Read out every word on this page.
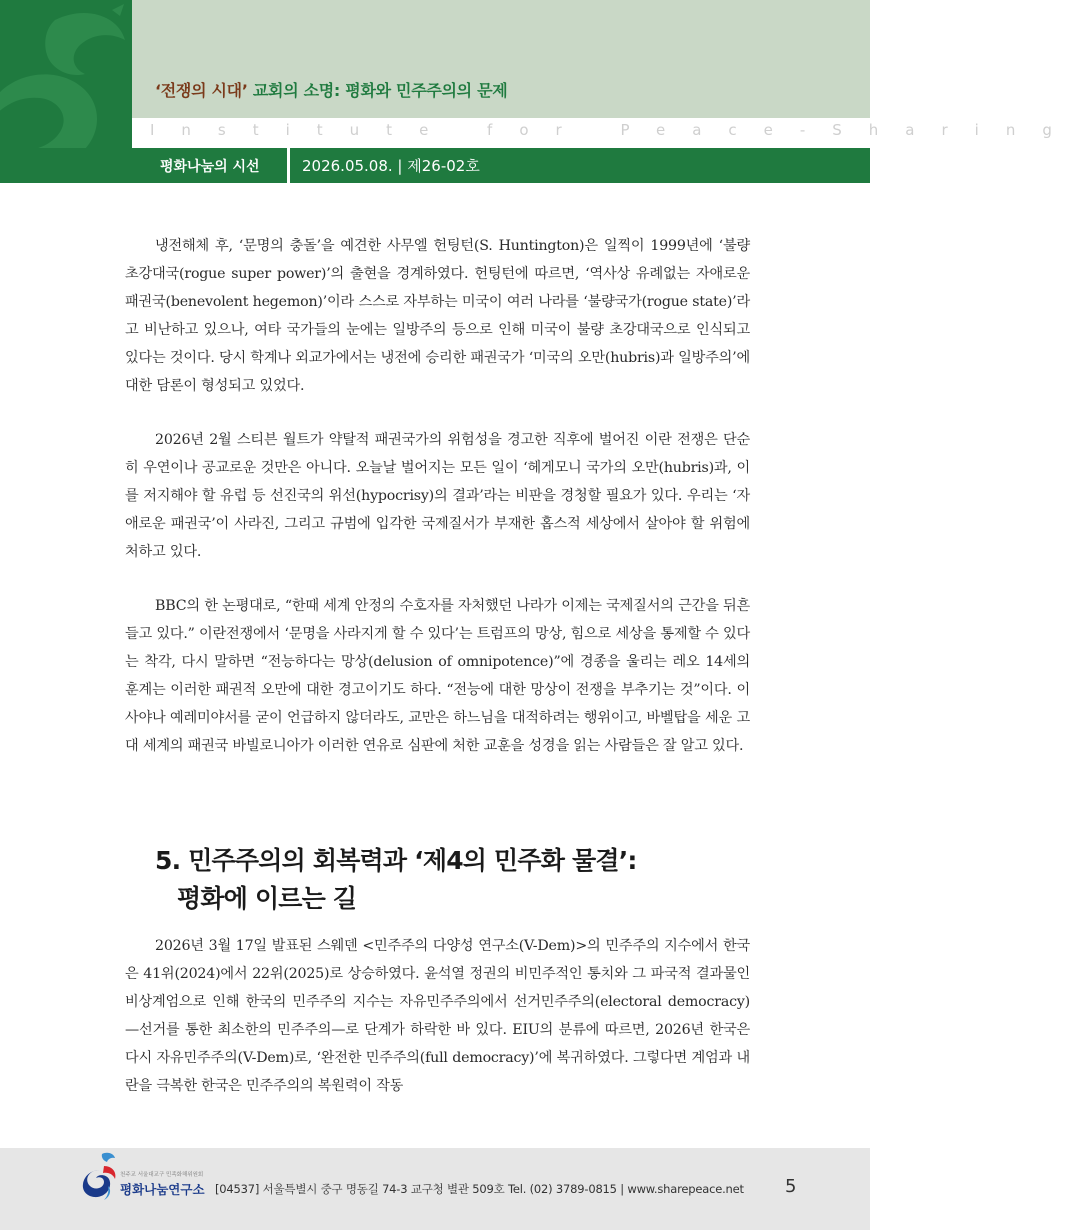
‘전쟁의 시대’ 교회의 소명: 평화와 민주주의의 문제
Institute for Peace-Sharing
평화나눔의 시선	2026.05.08. | 제26-02호

냉전해체 후, ‘문명의 충돌’을 예견한 사무엘 헌팅턴(S. Huntington)은 일찍이 1999년에 ‘불량 초강대국(rogue super power)’의 출현을 경계하였다. 헌팅턴에 따르면, ‘역사상 유례없는 자애로운 패권국(benevolent hegemon)’이라 스스로 자부하는 미국이 여러 나라를 ‘불량국가(rogue state)’라고 비난하고 있으나, 여타 국가들의 눈에는 일방주의 등으로 인해 미국이 불량 초강대국으로 인식되고 있다는 것이다. 당시 학계나 외교가에서는 냉전에 승리한 패권국가 ‘미국의 오만(hubris)과 일방주의’에 대한 담론이 형성되고 있었다.

2026년 2월 스티븐 월트가 약탈적 패권국가의 위험성을 경고한 직후에 벌어진 이란 전쟁은 단순히 우연이나 공교로운 것만은 아니다. 오늘날 벌어지는 모든 일이 ‘헤게모니 국가의 오만(hubris)과, 이를 저지해야 할 유럽 등 선진국의 위선(hypocrisy)의 결과’라는 비판을 경청할 필요가 있다. 우리는 ‘자애로운 패권국’이 사라진, 그리고 규범에 입각한 국제질서가 부재한 홉스적 세상에서 살아야 할 위험에 처하고 있다.

BBC의 한 논평대로, “한때 세계 안정의 수호자를 자처했던 나라가 이제는 국제질서의 근간을 뒤흔들고 있다.” 이란전쟁에서 ‘문명을 사라지게 할 수 있다’는 트럼프의 망상, 힘으로 세상을 통제할 수 있다는 착각, 다시 말하면 “전능하다는 망상(delusion of omnipotence)”에 경종을 울리는 레오 14세의 훈계는 이러한 패권적 오만에 대한 경고이기도 하다. “전능에 대한 망상이 전쟁을 부추기는 것”이다. 이사야나 예레미야서를 굳이 언급하지 않더라도, 교만은 하느님을 대적하려는 행위이고, 바벨탑을 세운 고대 세계의 패권국 바빌로니아가 이러한 연유로 심판에 처한 교훈을 성경을 읽는 사람들은 잘 알고 있다.

5. 민주주의의 회복력과 ‘제4의 민주화 물결’:
평화에 이르는 길

2026년 3월 17일 발표된 스웨덴 <민주주의 다양성 연구소(V-Dem)>의 민주주의 지수에서 한국은 41위(2024)에서 22위(2025)로 상승하였다. 윤석열 정권의 비민주적인 통치와 그 파국적 결과물인 비상계엄으로 인해 한국의 민주주의 지수는 자유민주주의에서 선거민주주의(electoral democracy)—선거를 통한 최소한의 민주주의—로 단계가 하락한 바 있다. EIU의 분류에 따르면, 2026년 한국은 다시 자유민주주의(V-Dem)로, ‘완전한 민주주의(full democracy)’에 복귀하였다. 그렇다면 계엄과 내란을 극복한 한국은 민주주의의 복원력이 작동

천주교 서울대교구 민족화해위원회
평화나눔연구소 [04537] 서울특별시 중구 명동길 74-3 교구청 별관 509호 Tel. (02) 3789-0815 | www.sharepeace.net 5
